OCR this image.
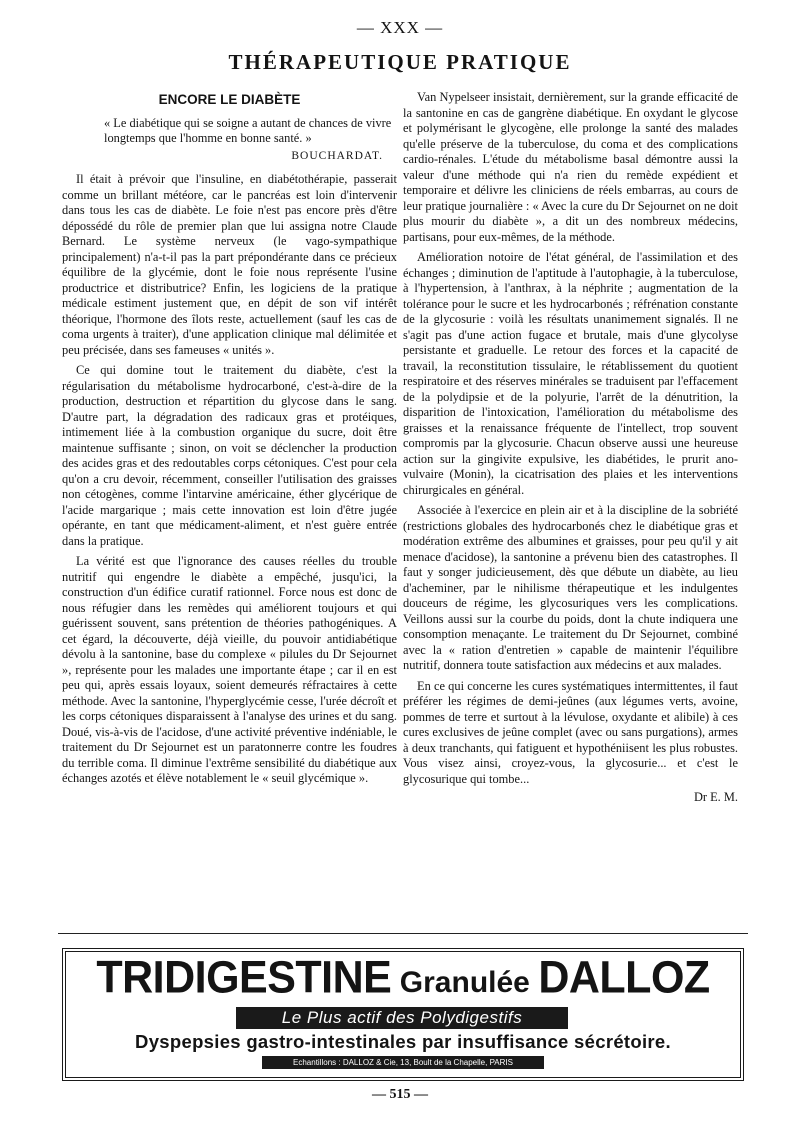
— XXX —
THÉRAPEUTIQUE PRATIQUE
ENCORE LE DIABÈTE
« Le diabétique qui se soigne a autant de chances de vivre longtemps que l'homme en bonne santé. »
BOUCHARDAT.

Il était à prévoir que l'insuline, en diabétothérapie, passerait comme un brillant météore, car le pancréas est loin d'intervenir dans tous les cas de diabète. Le foie n'est pas encore près d'être dépossédé du rôle de premier plan que lui assigna notre Claude Bernard. Le système nerveux (le vago-sympathique principalement) n'a-t-il pas la part prépondérante dans ce précieux équilibre de la glycémie, dont le foie nous représente l'usine productrice et distributrice? Enfin, les logiciens de la pratique médicale estiment justement que, en dépit de son vif intérêt théorique, l'hormone des îlots reste, actuellement (sauf les cas de coma urgents à traiter), d'une application clinique mal délimitée et peu précisée, dans ses fameuses « unités ».

Ce qui domine tout le traitement du diabète, c'est la régularisation du métabolisme hydrocarboné, c'est-à-dire de la production, destruction et répartition du glycose dans le sang. D'autre part, la dégradation des radicaux gras et protéiques, intimement liée à la combustion organique du sucre, doit être maintenue suffisante ; sinon, on voit se déclencher la production des acides gras et des redoutables corps cétoniques. C'est pour cela qu'on a cru devoir, récemment, conseiller l'utilisation des graisses non cétogènes, comme l'intarvine américaine, éther glycérique de l'acide margarique ; mais cette innovation est loin d'être jugée opérante, en tant que médicament-aliment, et n'est guère entrée dans la pratique.

La vérité est que l'ignorance des causes réelles du trouble nutritif qui engendre le diabète a empêché, jusqu'ici, la construction d'un édifice curatif rationnel. Force nous est donc de nous réfugier dans les remèdes qui améliorent toujours et qui guérissent souvent, sans prétention de théories pathogéniques. A cet égard, la découverte, déjà vieille, du pouvoir antidiabétique dévolu à la santonine, base du complexe « pilules du Dr Sejournet », représente pour les malades une importante étape ; car il en est peu qui, après essais loyaux, soient demeurés réfractaires à cette méthode. Avec la santonine, l'hyperglycémie cesse, l'urée décroît et les corps cétoniques disparaissent à l'analyse des urines et du sang. Doué, vis-à-vis de l'acidose, d'une activité préventive indéniable, le traitement du Dr Sejournet est un paratonnerre contre les foudres du terrible coma. Il diminue l'extrême sensibilité du diabétique aux échanges azotés et élève notablement le « seuil glycémique ».

Van Nypelseer insistait, dernièrement, sur la grande efficacité de la santonine en cas de gangrène diabétique. En oxydant le glycose et polymérisant le glycogène, elle prolonge la santé des malades qu'elle préserve de la tuberculose, du coma et des complications cardio-rénales. L'étude du métabolisme basal démontre aussi la valeur d'une méthode qui n'a rien du remède expédient et temporaire et délivre les cliniciens de réels embarras, au cours de leur pratique journalière : « Avec la cure du Dr Sejournet on ne doit plus mourir du diabète », a dit un des nombreux médecins, partisans, pour eux-mêmes, de la méthode.

Amélioration notoire de l'état général, de l'assimilation et des échanges ; diminution de l'aptitude à l'autophagie, à la tuberculose, à l'hypertension, à l'anthrax, à la néphrite ; augmentation de la tolérance pour le sucre et les hydrocarbonés ; réfrénation constante de la glycosurie : voilà les résultats unanimement signalés. Il ne s'agit pas d'une action fugace et brutale, mais d'une glycolyse persistante et graduelle. Le retour des forces et la capacité de travail, la reconstitution tissulaire, le rétablissement du quotient respiratoire et des réserves minérales se traduisent par l'effacement de la polydipsie et de la polyurie, l'arrêt de la dénutrition, la disparition de l'intoxication, l'amélioration du métabolisme des graisses et la renaissance fréquente de l'intellect, trop souvent compromis par la glycosurie. Chacun observe aussi une heureuse action sur la gingivite expulsive, les diabétides, le prurit ano-vulvaire (Monin), la cicatrisation des plaies et les interventions chirurgicales en général.

Associée à l'exercice en plein air et à la discipline de la sobriété (restrictions globales des hydrocarbonés chez le diabétique gras et modération extrême des albumines et graisses, pour peu qu'il y ait menace d'acidose), la santonine a prévenu bien des catastrophes. Il faut y songer judicieusement, dès que débute un diabète, au lieu d'acheminer, par le nihilisme thérapeutique et les indulgentes douceurs de régime, les glycosuriques vers les complications. Veillons aussi sur la courbe du poids, dont la chute indiquera une consomption menaçante. Le traitement du Dr Sejournet, combiné avec la « ration d'entretien » capable de maintenir l'équilibre nutritif, donnera toute satisfaction aux médecins et aux malades.

En ce qui concerne les cures systématiques intermittentes, il faut préférer les régimes de demi-jeûnes (aux légumes verts, avoine, pommes de terre et surtout à la lévulose, oxydante et alibile) à ces cures exclusives de jeûne complet (avec ou sans purgations), armes à deux tranchants, qui fatiguent et hypothéniisent les plus robustes. Vous visez ainsi, croyez-vous, la glycosurie... et c'est le glycosurique qui tombe...

Dr E. M.
TRIDIGESTINE Granulée DALLOZ
Le Plus actif des Polydigestifs
Dyspepsies gastro-intestinales par insuffisance sécrétoire.
Echantillons : DALLOZ & Cie, 13, Boult de la Chapelle, PARIS
— 515 —
